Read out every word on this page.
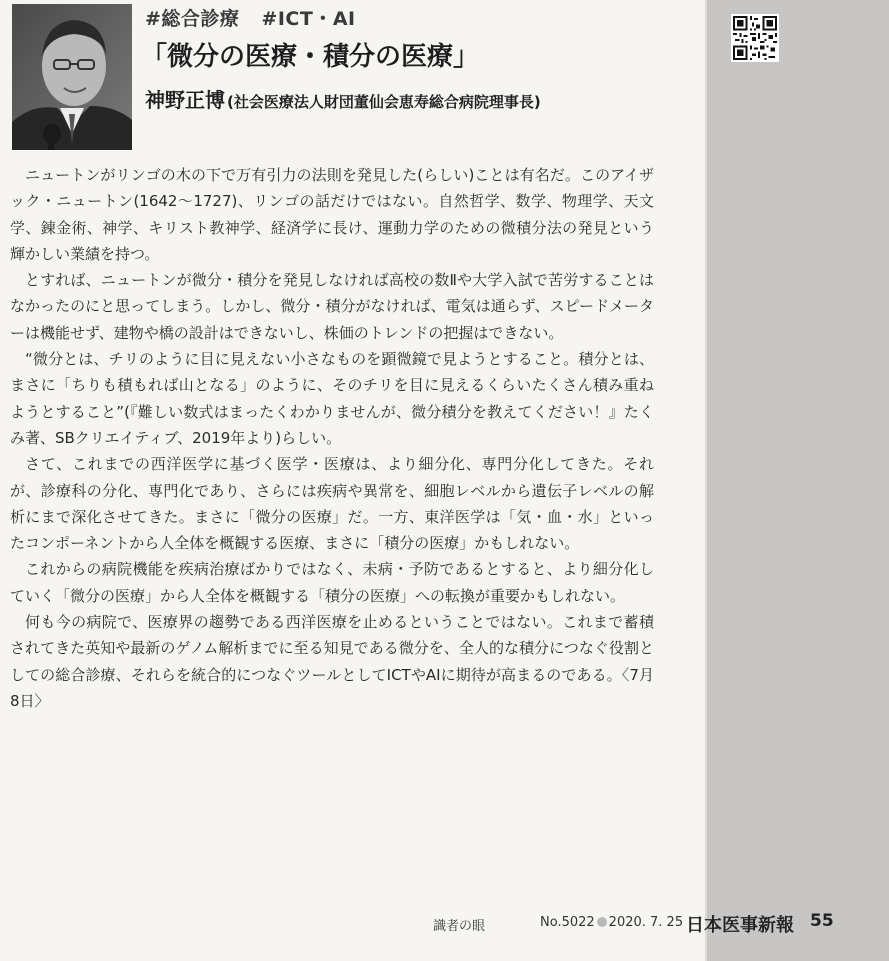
#総合診療 #ICT・AI
「微分の医療・積分の医療」
神野正博 (社会医療法人財団董仙会恵寿総合病院理事長)

ニュートンがリンゴの木の下で万有引力の法則を発見した(らしい)ことは有名だ。このアイザック・ニュートン(1642～1727)、リンゴの話だけではない。自然哲学、数学、物理学、天文学、錬金術、神学、キリスト教神学、経済学に長け、運動力学のための微積分法の発見という輝かしい業績を持つ。

とすれば、ニュートンが微分・積分を発見しなければ高校の数Ⅱや大学入試で苦労することはなかったのにと思ってしまう。しかし、微分・積分がなければ、電気は通らず、スピードメーターは機能せず、建物や橋の設計はできないし、株価のトレンドの把握はできない。

“微分とは、チリのように目に見えない小さなものを顕微鏡で見ようとすること。積分とは、まさに「ちりも積もれば山となる」のように、そのチリを目に見えるくらいたくさん積み重ねようとすること”(『難しい数式はまったくわかりませんが、微分積分を教えてください！』たくみ著、SBクリエイティブ、2019年より)らしい。

さて、これまでの西洋医学に基づく医学・医療は、より細分化、専門分化してきた。それが、診療科の分化、専門化であり、さらには疾病や異常を、細胞レベルから遺伝子レベルの解析にまで深化させてきた。まさに「微分の医療」だ。一方、東洋医学は「気・血・水」といったコンポーネントから人全体を概観する医療、まさに「積分の医療」かもしれない。

これからの病院機能を疾病治療ばかりではなく、未病・予防であるとすると、より細分化していく「微分の医療」から人全体を概観する「積分の医療」への転換が重要かもしれない。

何も今の病院で、医療界の趨勢である西洋医療を止めるということではない。これまで蓄積されてきた英知や最新のゲノム解析までに至る知見である微分を、全人的な積分につなぐ役割としての総合診療、それらを統合的につなぐツールとしてICTやAIに期待が高まるのである。〈7月8日〉

識者の眼	No.5022 2020. 7. 25 日本医事新報 55
